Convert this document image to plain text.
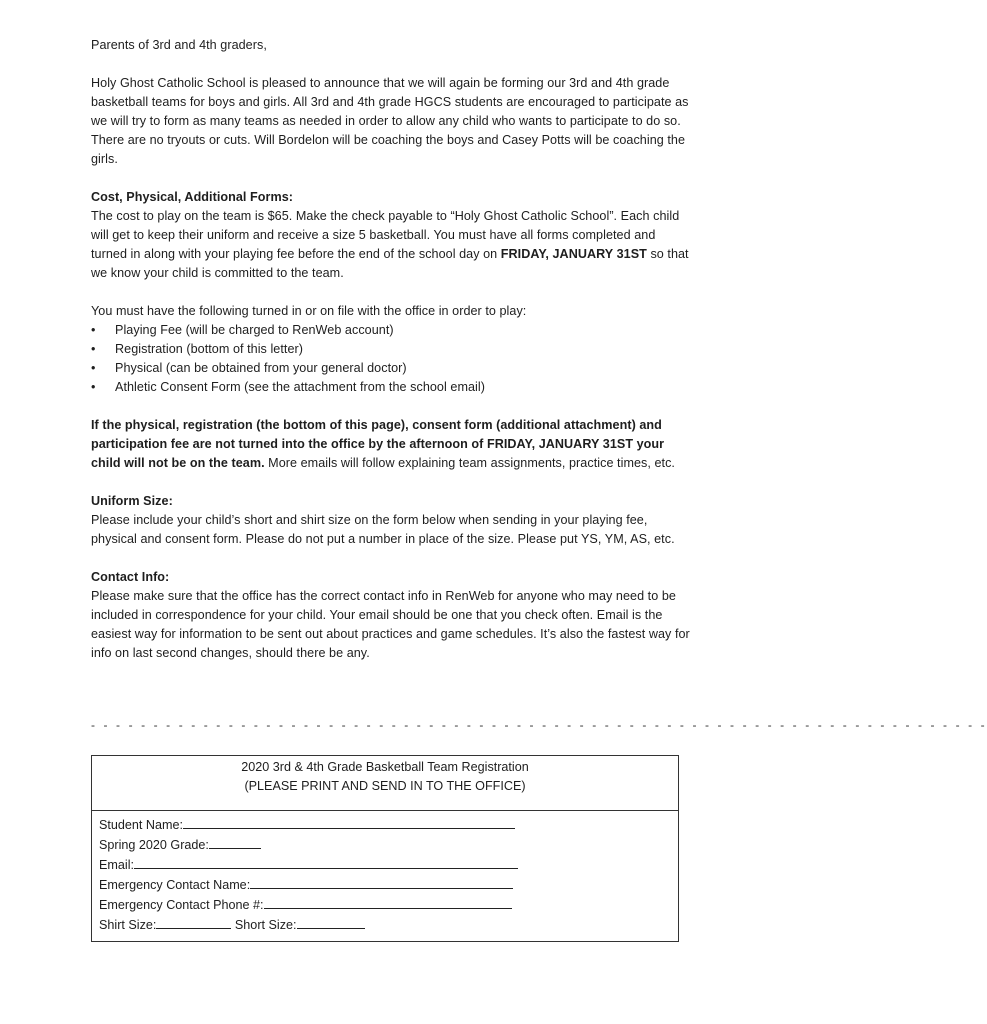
Parents of 3rd and 4th graders,

Holy Ghost Catholic School is pleased to announce that we will again be forming our 3rd and 4th grade basketball teams for boys and girls. All 3rd and 4th grade HGCS students are encouraged to participate as we will try to form as many teams as needed in order to allow any child who wants to participate to do so. There are no tryouts or cuts. Will Bordelon will be coaching the boys and Casey Potts will be coaching the girls.

Cost, Physical, Additional Forms:

The cost to play on the team is $65. Make the check payable to “Holy Ghost Catholic School”. Each child will get to keep their uniform and receive a size 5 basketball. You must have all forms completed and turned in along with your playing fee before the end of the school day on FRIDAY, JANUARY 31ST so that we know your child is committed to the team.

You must have the following turned in or on file with the office in order to play:

• Playing Fee (will be charged to RenWeb account)
• Registration (bottom of this letter)
• Physical (can be obtained from your general doctor)
• Athletic Consent Form (see the attachment from the school email)

If the physical, registration (the bottom of this page), consent form (additional attachment) and participation fee are not turned into the office by the afternoon of FRIDAY, JANUARY 31ST your child will not be on the team. More emails will follow explaining team assignments, practice times, etc.

Uniform Size:

Please include your child’s short and shirt size on the form below when sending in your playing fee, physical and consent form. Please do not put a number in place of the size. Please put YS, YM, AS, etc.

Contact Info:

Please make sure that the office has the correct contact info in RenWeb for anyone who may need to be included in correspondence for your child. Your email should be one that you check often. Email is the easiest way for information to be sent out about practices and game schedules. It’s also the fastest way for info on last second changes, should there be any.

- - - - - - - - - - - - - - - - - - - - - - - - - - - - - - - - - - - - - - - - - - - - - - - - - - - - - - - - - - - - - - - - - - - - - - - -
2020 3rd & 4th Grade Basketball Team Registration
(PLEASE PRINT AND SEND IN TO THE OFFICE)
Student Name:
Spring 2020 Grade:
Email:
Emergency Contact Name:
Emergency Contact Phone #:
Shirt Size:	Short Size:
